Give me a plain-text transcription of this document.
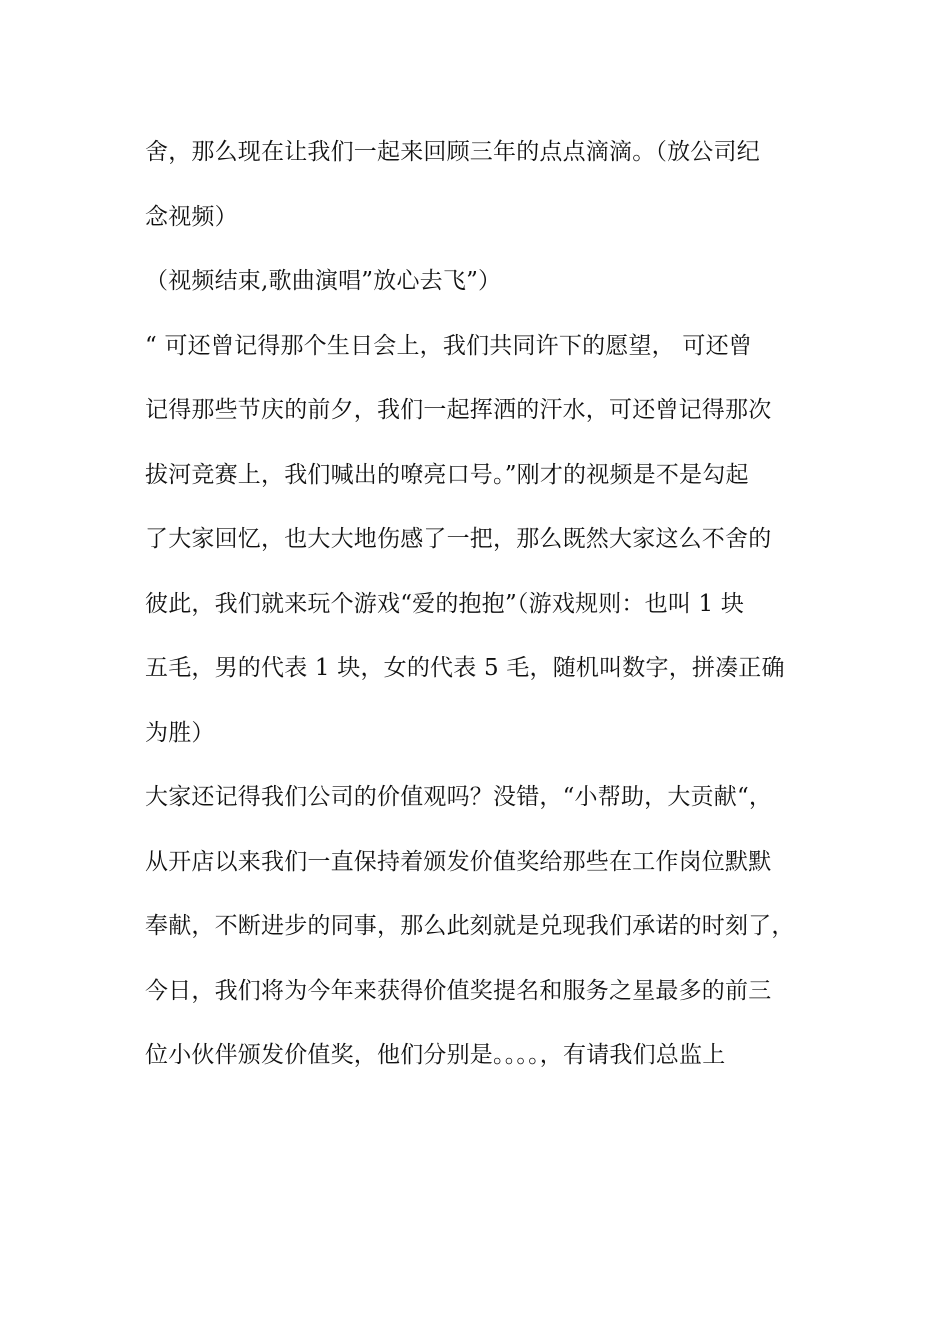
舍，那么现在让我们一起来回顾三年的点点滴滴。（放公司纪
念视频）
（视频结束,歌曲演唱”放心去飞”）
“ 可还曾记得那个生日会上，我们共同许下的愿望， 可还曾
记得那些节庆的前夕，我们一起挥洒的汗水，可还曾记得那次
拔河竞赛上，我们喊出的嘹亮口号。”刚才的视频是不是勾起
了大家回忆，也大大地伤感了一把，那么既然大家这么不舍的
彼此，我们就来玩个游戏“爱的抱抱”（游戏规则：也叫 1 块
五毛，男的代表 1 块，女的代表 5 毛，随机叫数字，拼凑正确
为胜）
大家还记得我们公司的价值观吗？没错，“小帮助，大贡献“，
从开店以来我们一直保持着颁发价值奖给那些在工作岗位默默
奉献，不断进步的同事，那么此刻就是兑现我们承诺的时刻了，
今日，我们将为今年来获得价值奖提名和服务之星最多的前三
位小伙伴颁发价值奖，他们分别是。。。。，有请我们总监上
